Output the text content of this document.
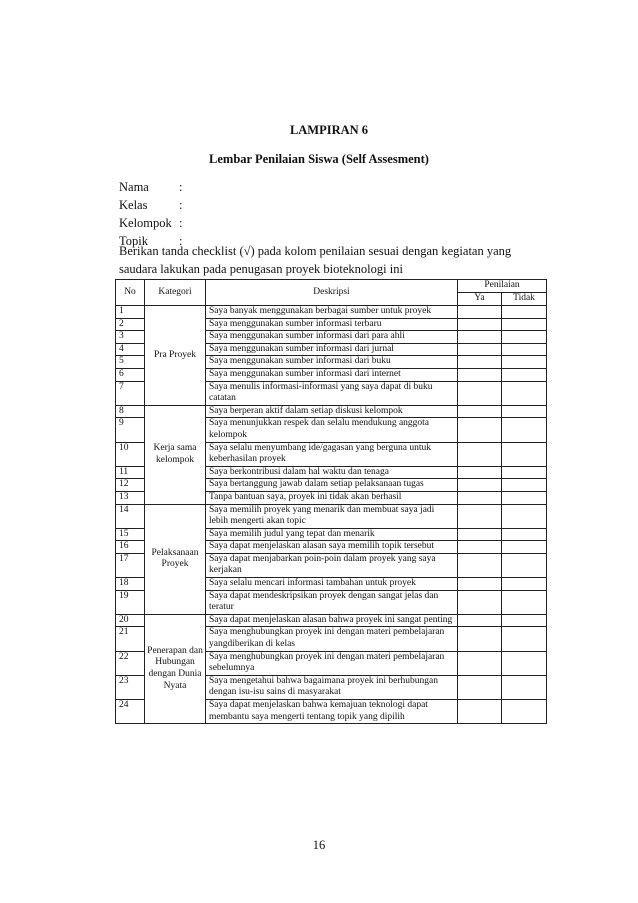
LAMPIRAN 6
Lembar Penilaian Siswa (Self Assesment)
Nama :
Kelas	:
Kelompok :
Topik :
Berikan tanda checklist (√) pada kolom penilaian sesuai dengan kegiatan yang saudara lakukan pada penugasan proyek bioteknologi ini
No	Kategori	Deskripsi	Penilaian	
			Ya	Tidak
1	Pra Proyek	Saya banyak menggunakan berbagai sumber untuk proyek		
2		Saya menggunakan sumber informasi terbaru		
3		Saya menggunakan sumber informasi dari para ahli		
4		Saya menggunakan sumber informasi dari jurnal		
5		Saya menggunakan sumber informasi dari buku		
6		Saya menggunakan sumber informasi dari internet		
7		Saya menulis informasi-informasi yang saya dapat di buku catatan		
8	Kerja sama kelompok	Saya berperan aktif dalam setiap diskusi kelompok		
9		Saya menunjukkan respek dan selalu mendukung anggota kelompok		
10		Saya selalu menyumbang ide/gagasan yang berguna untuk keberhasilan proyek		
11		Saya berkontribusi dalam hal waktu dan tenaga		
12		Saya bertanggung jawab dalam setiap pelaksanaan tugas		
13		Tanpa bantuan saya, proyek ini tidak akan berhasil		
14	Pelaksanaan Proyek	Saya memilih proyek yang menarik dan membuat saya jadi lebih mengerti akan topic		
15		Saya memilih judul yang tepat dan menarik		
16		Saya dapat menjelaskan alasan saya memilih topik tersebut		
17		Saya dapat menjabarkan poin-poin dalam proyek yang saya kerjakan		
18		Saya selalu mencari informasi tambahan untuk proyek		
19		Saya dapat mendeskripsikan proyek dengan sangat jelas dan teratur		
20	Penerapan dan Hubungan dengan Dunia Nyata	Saya dapat menjelaskan alasan bahwa proyek ini sangat penting		
21		Saya menghubungkan proyek ini dengan materi pembelajaran yangdiberikan di kelas		
22		Saya menghubungkan proyek ini dengan materi pembelajaran sebelumnya		
23		Saya mengetahui bahwa bagaimana proyek ini berhubungan dengan isu-isu sains di masyarakat		
24		Saya dapat menjelaskan bahwa kemajuan teknologi dapat membantu saya mengerti tentang topik yang dipilih		
16
